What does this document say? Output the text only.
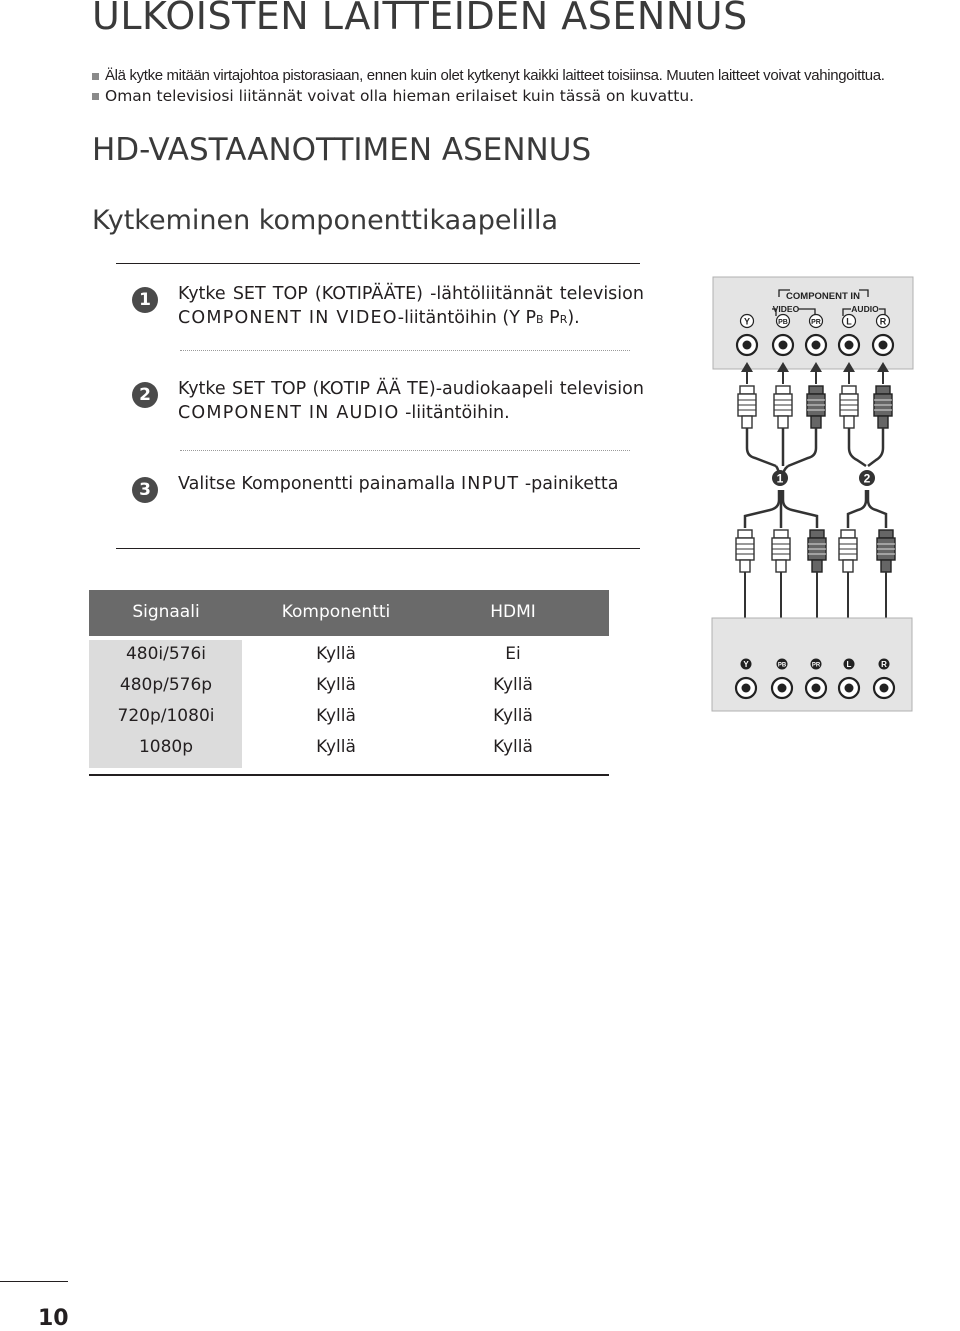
ULKOISTEN LAITTEIDEN ASENNUS
Älä kytke mitään virtajohtoa pistorasiaan, ennen kuin olet kytkenyt kaikki laitteet toisiinsa. Muuten laitteet voivat vahingoittua.
Oman televisiosi liitännät voivat olla hieman erilaiset kuin tässä on kuvattu.
HD-VASTAANOTTIMEN ASENNUS
Kytkeminen komponenttikaapelilla
1	Kytke SET TOP (KOTIPÄÄTE) -lähtöliitännät television
COMPONENT IN VIDEO-liitäntöihin (Y PB PR).
2	Kytke SET TOP (KOTIP ÄÄ TE)-audiokaapeli television
COMPONENT IN AUDIO -liitäntöihin.
3	Valitse Komponentti painamalla INPUT -painiketta
Signaali	Komponentti	HDMI
480i/576i	Kyllä	Ei
480p/576p	Kyllä	Kyllä
720p/1080i	Kyllä	Kyllä
1080p	Kyllä	Kyllä
COMPONENT IN
VIDEO	AUDIO
Y	PB	PR	L	R
1	2
Y	PB	PR	L	R
10
